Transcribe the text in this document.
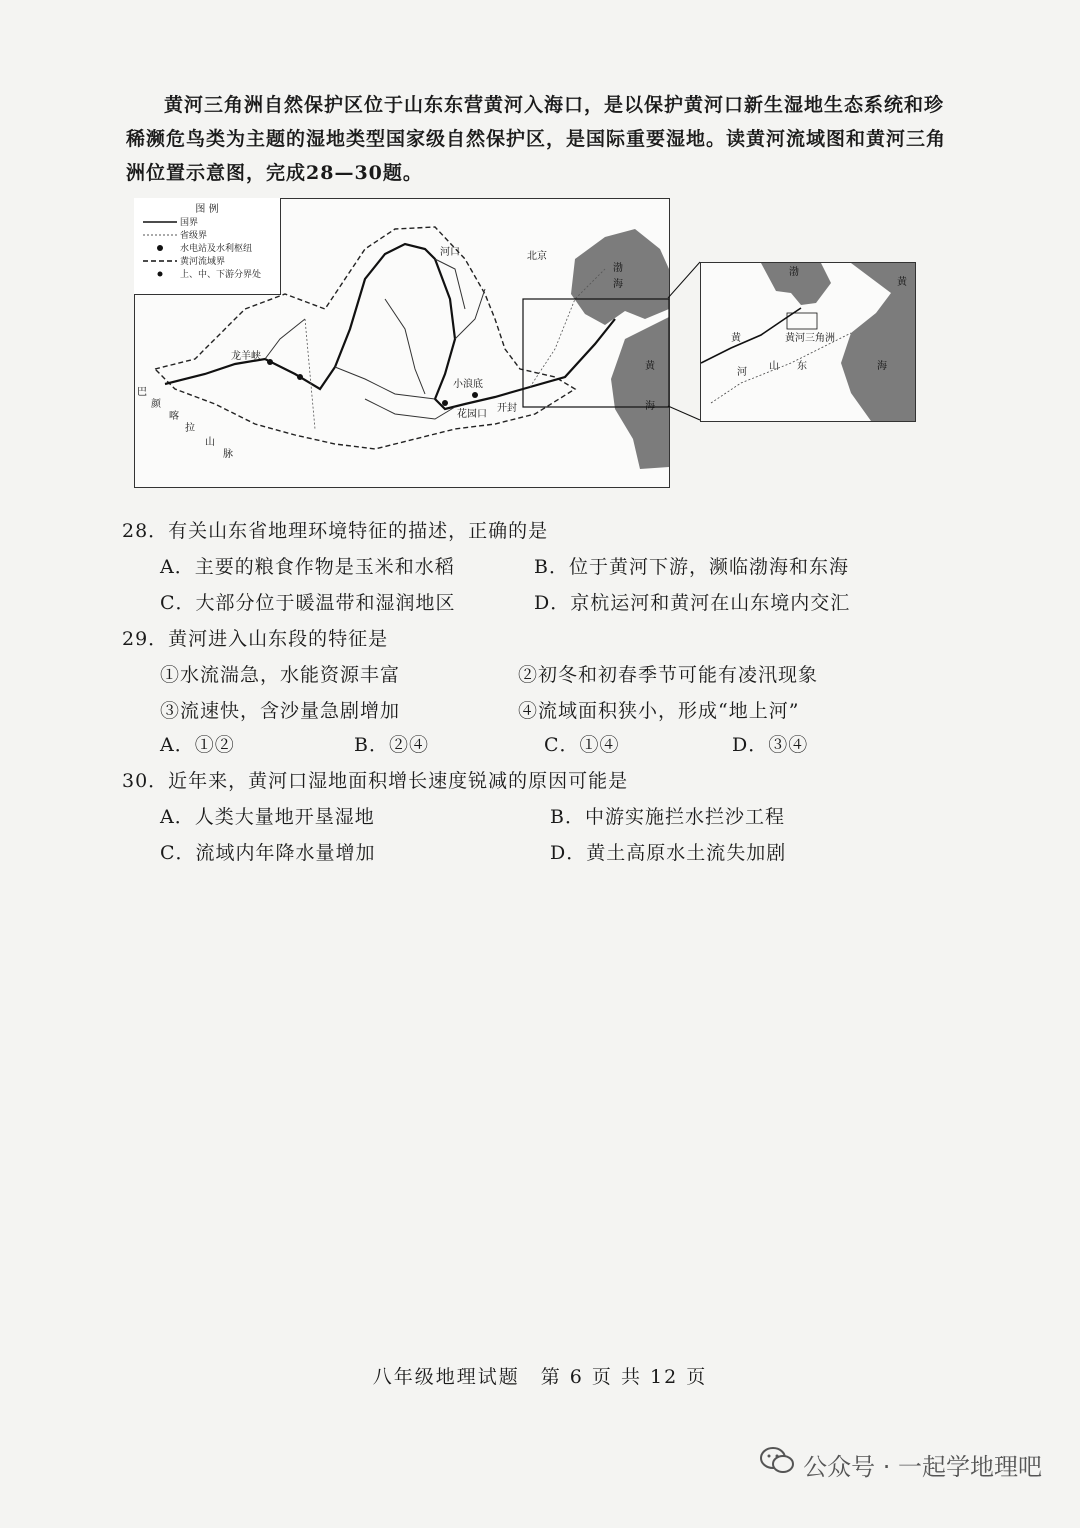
黄河三角洲自然保护区位于山东东营黄河入海口，是以保护黄河口新生湿地生态系统和珍稀濒危鸟类为主题的湿地类型国家级自然保护区，是国际重要湿地。读黄河流域图和黄河三角洲位置示意图，完成28—30题。
河口	北京
龙羊峡
小浪底
花园口
开封
渤
海
黄
海
巴
颜
喀
拉
山
脉
图 例
国界
省级界
水电站及水利枢纽
黄河流域界
上、中、下游分界处	渤
黄
黄河三角洲
黄
河
山 东	海
28．有关山东省地理环境特征的描述，正确的是
A．主要的粮食作物是玉米和水稻	B．位于黄河下游，濒临渤海和东海
C．大部分位于暖温带和湿润地区	D．京杭运河和黄河在山东境内交汇
29．黄河进入山东段的特征是
①水流湍急，水能资源丰富	②初冬和初春季节可能有凌汛现象
③流速快，含沙量急剧增加	④流域面积狭小，形成“地上河”
A．①②	B．②④	C．①④	D．③④
30．近年来，黄河口湿地面积增长速度锐减的原因可能是
A．人类大量地开垦湿地	B．中游实施拦水拦沙工程
C．流域内年降水量增加	D．黄土高原水土流失加剧
八年级地理试题　第 6 页 共 12 页
公众号 · 一起学地理吧
